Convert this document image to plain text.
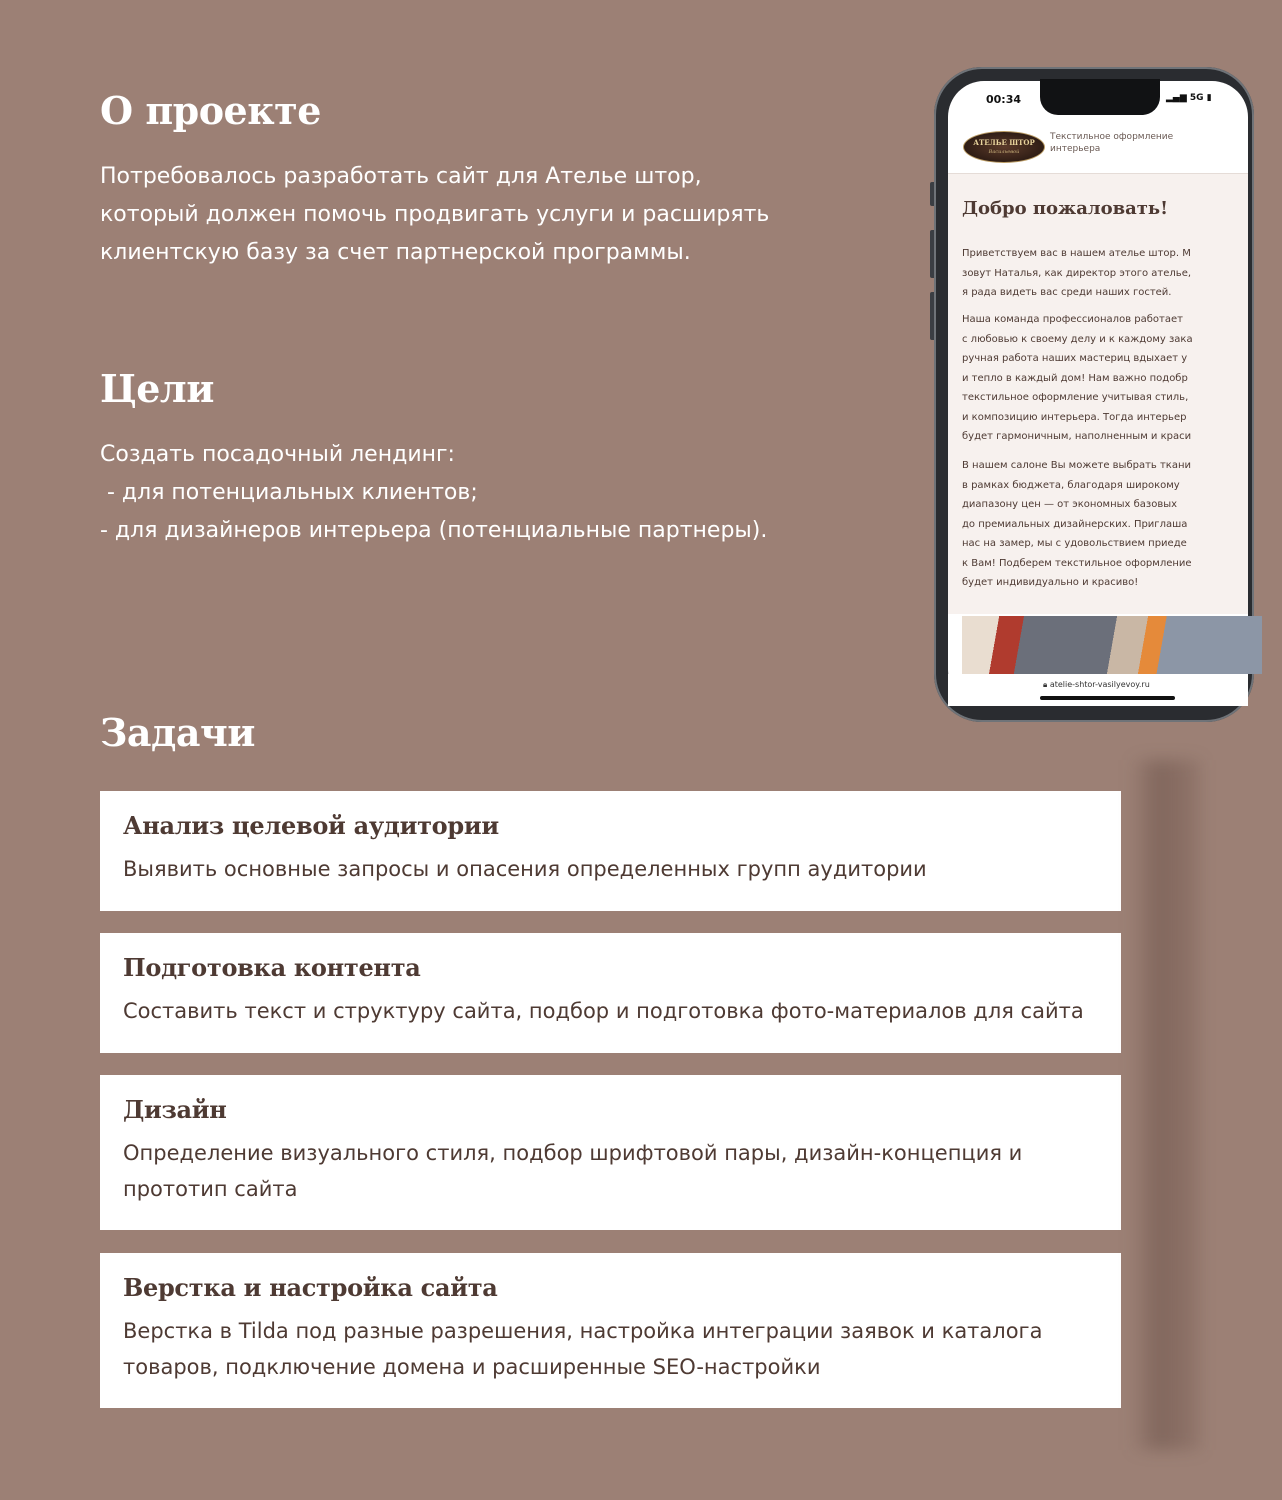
О проекте

Потребовалось разработать сайт для Ателье штор,
который должен помочь продвигать услуги и расширять
клиентскую базу за счет партнерской программы.

Цели

Создать посадочный лендинг:
- для потенциальных клиентов;
- для дизайнеров интерьера (потенциальные партнеры).

Задачи
Анализ целевой аудитории

Выявить основные запросы и опасения определенных групп аудитории

Подготовка контента

Составить текст и структуру сайта, подбор и подготовка фото-материалов для сайта

Дизайн

Определение визуального стиля, подбор шрифтовой пары, дизайн-концепция и прототип сайта

Верстка и настройка сайта

Верстка в Tilda под разные разрешения, настройка интеграции заявок и каталога товаров, подключение домена и расширенные SEO-настройки

00:34	▂▄▆ 5G ▮
АТЕЛЬЕ ШТОР
Васильевой
Текстильное оформление интерьера
Добро пожаловать!

Приветствуем вас в нашем ателье штор. М
зовут Наталья, как директор этого ателье,
я рада видеть вас среди наших гостей.

Наша команда профессионалов работает
с любовью к своему делу и к каждому зака
ручная работа наших мастериц вдыхает у
и тепло в каждый дом! Нам важно подобр
текстильное оформление учитывая стиль,
и композицию интерьера. Тогда интерьер
будет гармоничным, наполненным и краси

В нашем салоне Вы можете выбрать ткани
в рамках бюджета, благодаря широкому
диапазону цен — от экономных базовых
до премиальных дизайнерских. Приглаша
нас на замер, мы с удовольствием приеде
к Вам! Подберем текстильное оформление
будет индивидуально и красиво!

🔒︎ atelie-shtor-vasilyevoy.ru
